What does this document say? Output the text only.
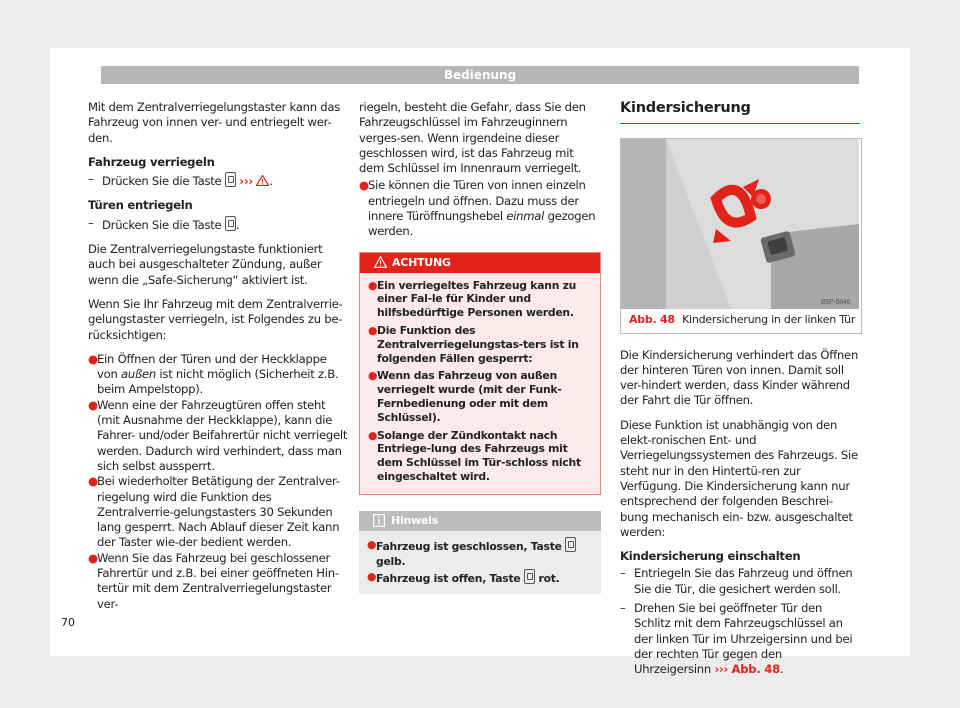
Bedienung

Mit dem Zentralverriegelungstaster kann das Fahrzeug von innen ver- und entriegelt wer-den.

Fahrzeug verriegeln

– Drücken Sie die Taste ››› .

Türen entriegeln

– Drücken Sie die Taste .

Die Zentralverriegelungstaste funktioniert auch bei ausgeschalteter Zündung, außer wenn die „Safe-Sicherung“ aktiviert ist.

Wenn Sie Ihr Fahrzeug mit dem Zentralverrie-gelungstaster verriegeln, ist Folgendes zu be-rücksichtigen:

● Ein Öffnen der Türen und der Heckklappe von außen ist nicht möglich (Sicherheit z.B. beim Ampelstopp).
● Wenn eine der Fahrzeugtüren offen steht (mit Ausnahme der Heckklappe), kann die Fahrer- und/oder Beifahrertür nicht verriegelt werden. Dadurch wird verhindert, dass man sich selbst aussperrt.
● Bei wiederholter Betätigung der Zentralver-riegelung wird die Funktion des Zentralverrie-gelungstasters 30 Sekunden lang gesperrt. Nach Ablauf dieser Zeit kann der Taster wie-der bedient werden.
● Wenn Sie das Fahrzeug bei geschlossener Fahrertür und z.B. bei einer geöffneten Hin-tertür mit dem Zentralverriegelungstaster ver-

riegeln, besteht die Gefahr, dass Sie den Fahrzeugschlüssel im Fahrzeuginnern verges-sen. Wenn irgendeine dieser geschlossen wird, ist das Fahrzeug mit dem Schlüssel im Innenraum verriegelt.

● Sie können die Türen von innen einzeln entriegeln und öffnen. Dazu muss der innere Türöffnungshebel einmal gezogen werden.
ACHTUNG
● Ein verriegeltes Fahrzeug kann zu einer Fal-le für Kinder und hilfsbedürftige Personen werden.
● Die Funktion des Zentralverriegelungstas-ters ist in folgenden Fällen gesperrt:
● Wenn das Fahrzeug von außen verriegelt wurde (mit der Funk-Fernbedienung oder mit dem Schlüssel).
● Solange der Zündkontakt nach Entriege-lung des Fahrzeugs mit dem Schlüssel im Tür-schloss nicht eingeschaltet wird.
Hinweis
● Fahrzeug ist geschlossen, Taste  gelb.
● Fahrzeug ist offen, Taste rot.
Kindersicherung
B5P-0846
Abb. 48 Kindersicherung in der linken Tür

Die Kindersicherung verhindert das Öffnen der hinteren Türen von innen. Damit soll ver-hindert werden, dass Kinder während der Fahrt die Tür öffnen.

Diese Funktion ist unabhängig von den elekt-ronischen Ent- und Verriegelungssystemen des Fahrzeugs. Sie steht nur in den Hintertü-ren zur Verfügung. Die Kindersicherung kann nur entsprechend der folgenden Beschrei-bung mechanisch ein- bzw. ausgeschaltet werden:

Kindersicherung einschalten

– Entriegeln Sie das Fahrzeug und öffnen Sie die Tür, die gesichert werden soll.
– Drehen Sie bei geöffneter Tür den Schlitz mit dem Fahrzeugschlüssel an der linken Tür im Uhrzeigersinn und bei der rechten Tür gegen den Uhrzeigersinn ››› Abb. 48.
70
